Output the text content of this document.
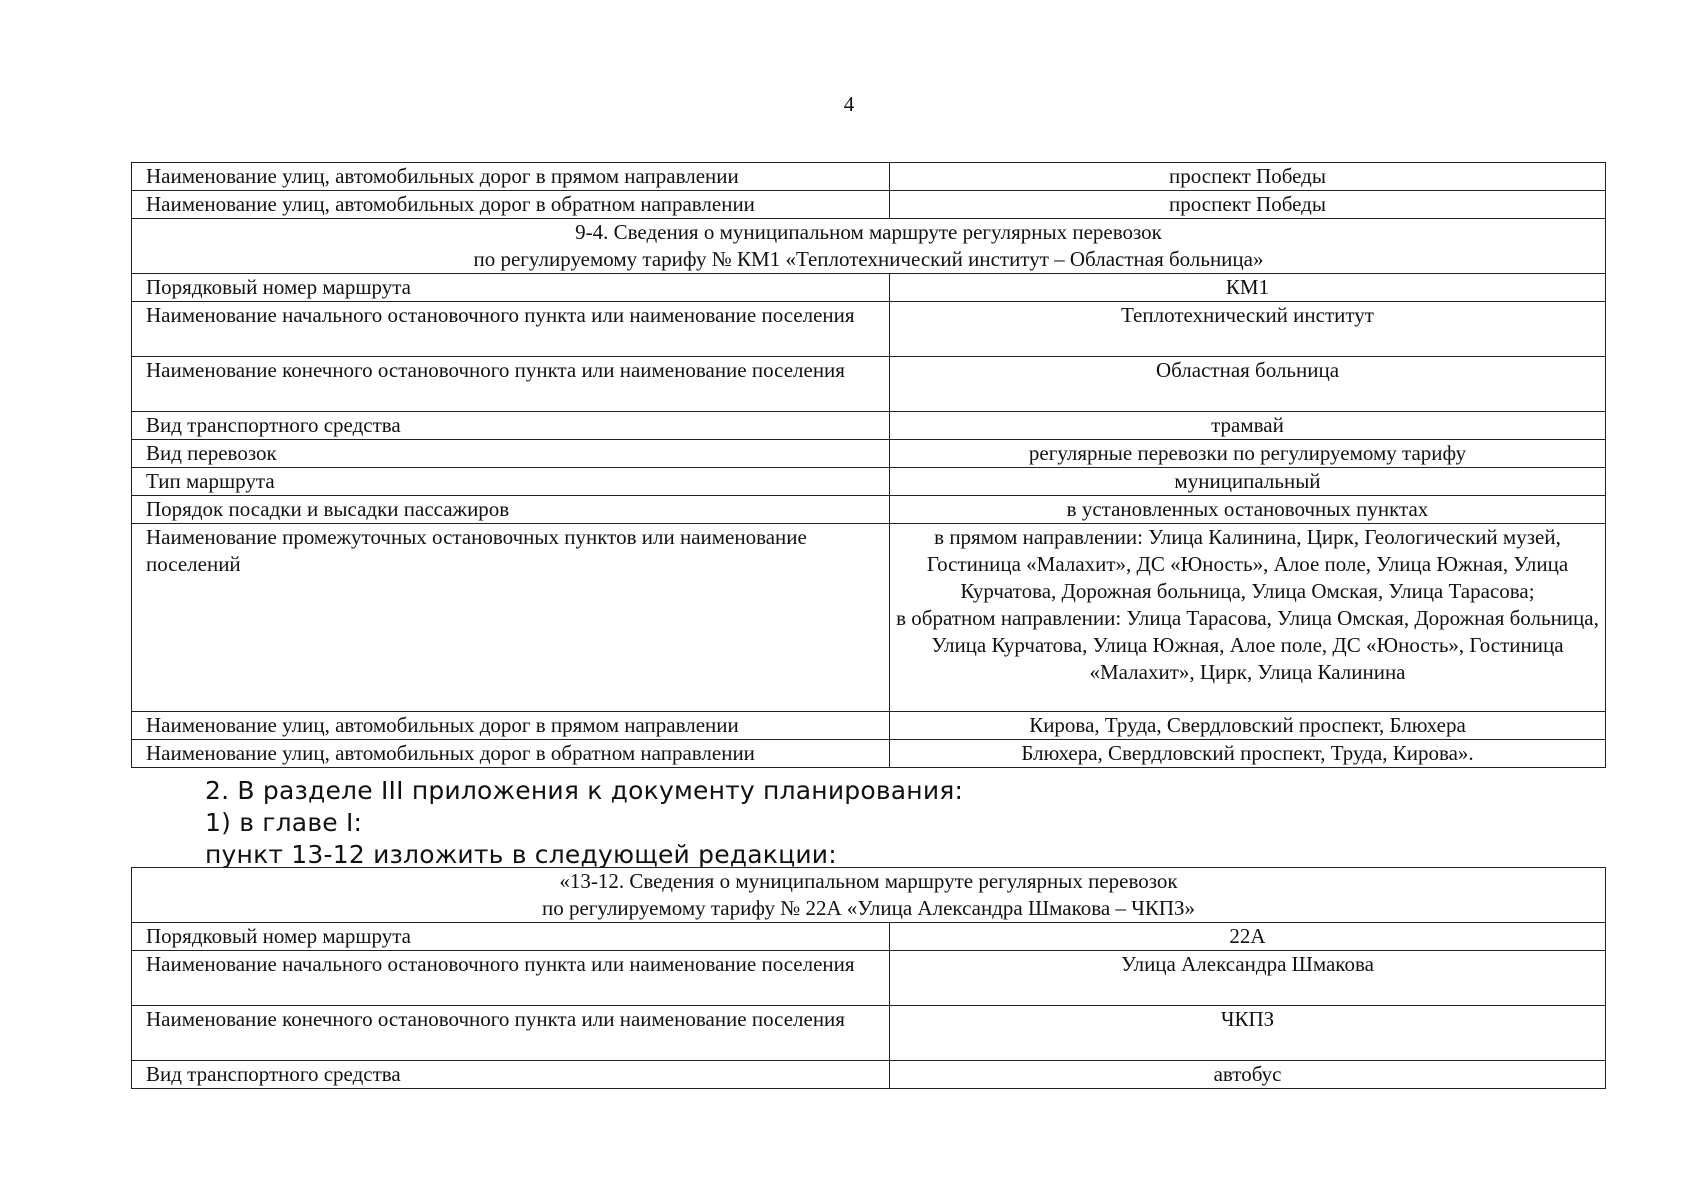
4
Наименование улиц, автомобильных дорог в прямом направлении	проспект Победы
Наименование улиц, автомобильных дорог в обратном направлении	проспект Победы

9-4. Сведения о муниципальном маршруте регулярных перевозок
по регулируемому тарифу № КМ1 «Теплотехнический институт – Областная больница»	

Порядковый номер маршрута	КМ1
Наименование начального остановочного пункта или наименование поселения	Теплотехнический институт
Наименование конечного остановочного пункта или наименование поселения	Областная больница
Вид транспортного средства	трамвай
Вид перевозок	регулярные перевозки по регулируемому тарифу
Тип маршрута	муниципальный
Порядок посадки и высадки пассажиров	в установленных остановочных пунктах
Наименование промежуточных остановочных пунктов или наименование поселений	в прямом направлении: Улица Калинина, Цирк, Геологический музей, Гостиница «Малахит», ДС «Юность», Алое поле, Улица Южная, Улица Курчатова, Дорожная больница, Улица Омская, Улица Тарасова;
в обратном направлении: Улица Тарасова, Улица Омская, Дорожная больница, Улица Курчатова, Улица Южная, Алое поле, ДС «Юность», Гостиница «Малахит», Цирк, Улица Калинина

Наименование улиц, автомобильных дорог в прямом направлении	Кирова, Труда, Свердловский проспект, Блюхера
Наименование улиц, автомобильных дорог в обратном направлении	Блюхера, Свердловский проспект, Труда, Кирова».
2. В разделе III приложения к документу планирования:
1) в главе I:
пункт 13-12 изложить в следующей редакции:
«13-12. Сведения о муниципальном маршруте регулярных перевозок
по регулируемому тарифу № 22А «Улица Александра Шмакова – ЧКПЗ»	

Порядковый номер маршрута	22А
Наименование начального остановочного пункта или наименование поселения	Улица Александра Шмакова
Наименование конечного остановочного пункта или наименование поселения	ЧКПЗ
Вид транспортного средства	автобус
